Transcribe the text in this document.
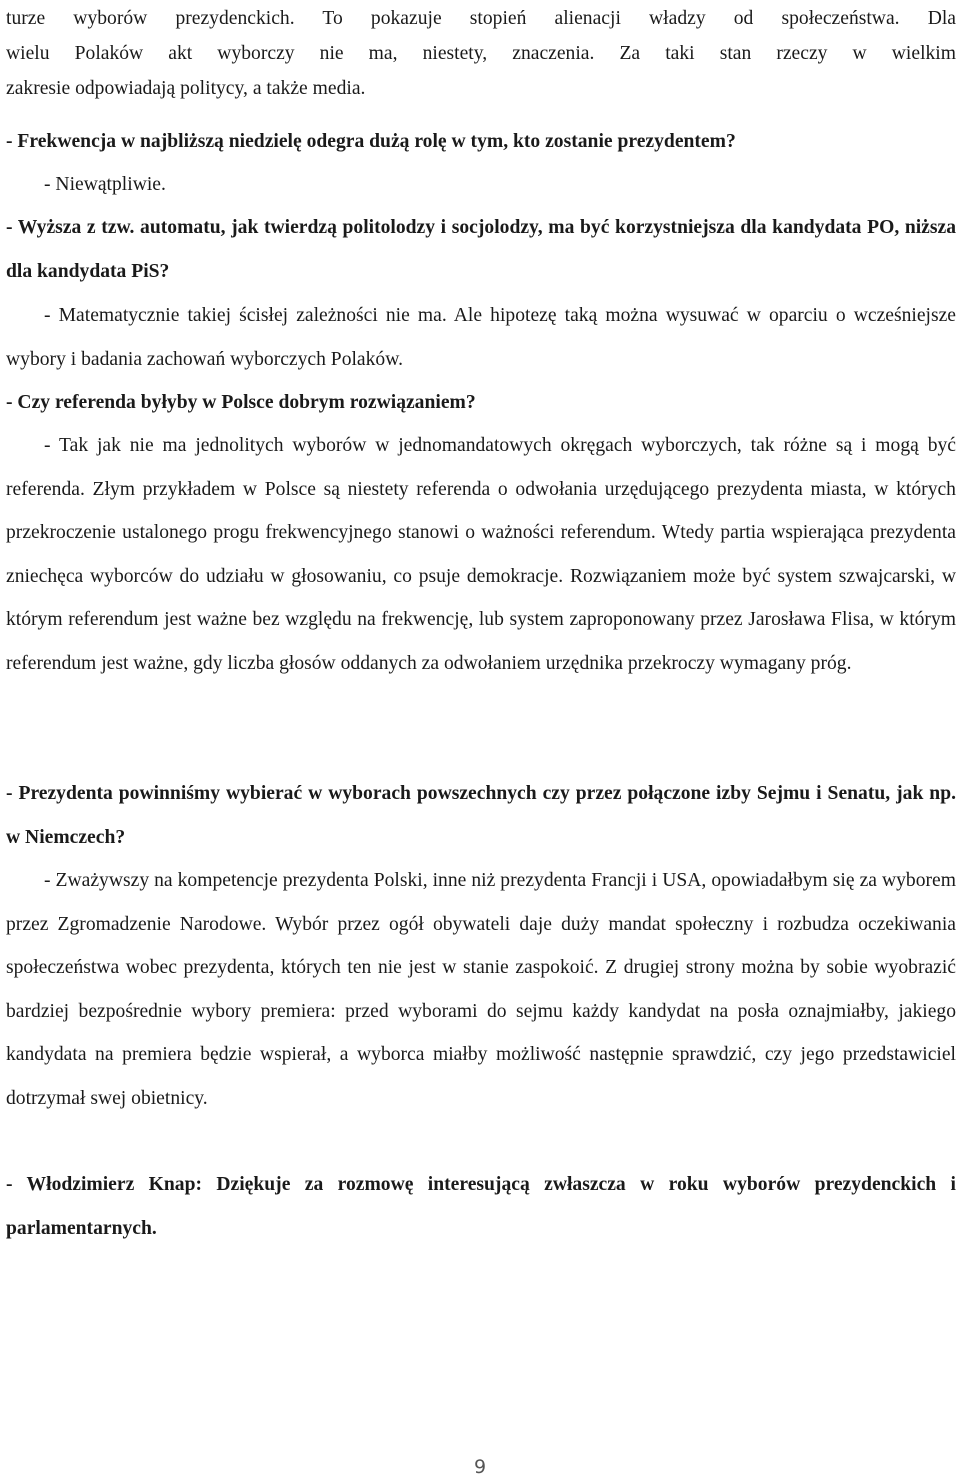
turze wyborów prezydenckich. To pokazuje stopień alienacji władzy od społeczeństwa. Dla
wielu Polaków akt wyborczy nie ma, niestety, znaczenia. Za taki stan rzeczy w wielkim
zakresie odpowiadają politycy, a także media.
- Frekwencja w najbliższą niedzielę odegra dużą rolę w tym, kto zostanie prezydentem?
- Niewątpliwie.
- Wyższa z tzw. automatu, jak twierdzą politolodzy i socjolodzy, ma być korzystniejsza dla kandydata PO, niższa dla kandydata PiS?
- Matematycznie takiej ścisłej zależności nie ma. Ale hipotezę taką można wysuwać w oparciu o wcześniejsze wybory i badania zachowań wyborczych Polaków.
- Czy referenda byłyby w Polsce dobrym rozwiązaniem?
- Tak jak nie ma jednolitych wyborów w jednomandatowych okręgach wyborczych, tak różne są i mogą być referenda. Złym przykładem w Polsce są niestety referenda o odwołania urzędującego prezydenta miasta, w których przekroczenie ustalonego progu frekwencyjnego stanowi o ważności referendum. Wtedy partia wspierająca prezydenta zniechęca wyborców do udziału w głosowaniu, co psuje demokracje. Rozwiązaniem może być system szwajcarski, w którym referendum jest ważne bez względu na frekwencję, lub system zaproponowany przez Jarosława Flisa, w którym referendum jest ważne, gdy liczba głosów oddanych za odwołaniem urzędnika przekroczy wymagany próg.
- Prezydenta powinniśmy wybierać w wyborach powszechnych czy przez połączone izby Sejmu i Senatu, jak np. w Niemczech?
- Zważywszy na kompetencje prezydenta Polski, inne niż prezydenta Francji i USA, opowiadałbym się za wyborem przez Zgromadzenie Narodowe. Wybór przez ogół obywateli daje duży mandat społeczny i rozbudza oczekiwania społeczeństwa wobec prezydenta, których ten nie jest w stanie zaspokoić. Z drugiej strony można by sobie wyobrazić bardziej bezpośrednie wybory premiera: przed wyborami do sejmu każdy kandydat na posła oznajmiałby, jakiego kandydata na premiera będzie wspierał, a wyborca miałby możliwość następnie sprawdzić, czy jego przedstawiciel dotrzymał swej obietnicy.
- Włodzimierz Knap: Dziękuje za rozmowę interesującą zwłaszcza w roku wyborów prezydenckich i parlamentarnych.
9
